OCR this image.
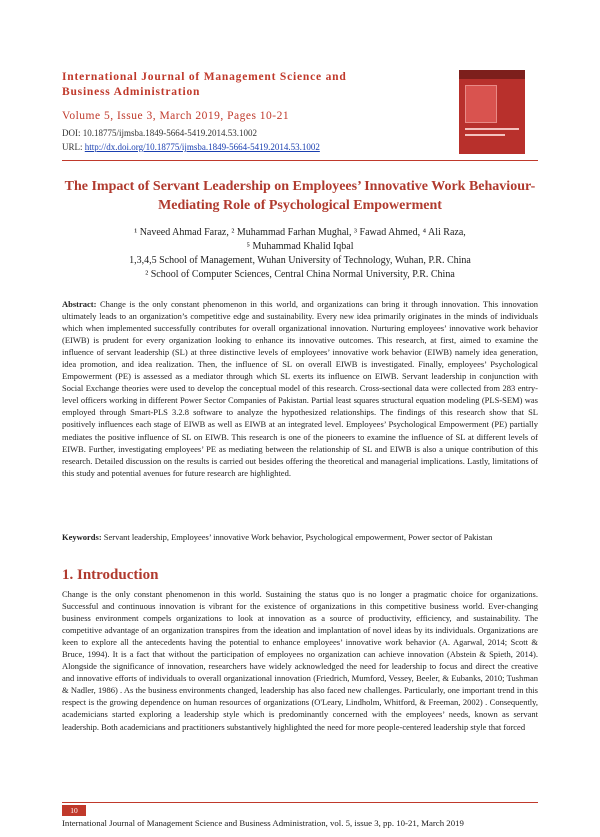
International Journal of Management Science and Business Administration
Volume 5, Issue 3, March 2019, Pages 10-21
DOI: 10.18775/ijmsba.1849-5664-5419.2014.53.1002
URL: http://dx.doi.org/10.18775/ijmsba.1849-5664-5419.2014.53.1002
The Impact of Servant Leadership on Employees’ Innovative Work Behaviour-Mediating Role of Psychological Empowerment
¹ Naveed Ahmad Faraz, ² Muhammad Farhan Mughal, ³ Fawad Ahmed, ⁴ Ali Raza,
⁵ Muhammad Khalid Iqbal
1,3,4,5 School of Management, Wuhan University of Technology, Wuhan, P.R. China
² School of Computer Sciences, Central China Normal University, P.R. China
Abstract: Change is the only constant phenomenon in this world, and organizations can bring it through innovation. This innovation ultimately leads to an organization’s competitive edge and sustainability. Every new idea primarily originates in the minds of individuals which when implemented successfully contributes for overall organizational innovation. Nurturing employees’ innovative work behavior (EIWB) is prudent for every organization looking to enhance its innovative outcomes. This research, at first, aimed to examine the influence of servant leadership (SL) at three distinctive levels of employees’ innovative work behavior (EIWB) namely idea generation, idea promotion, and idea realization. Then, the influence of SL on overall EIWB is investigated. Finally, employees’ Psychological Empowerment (PE) is assessed as a mediator through which SL exerts its influence on EIWB. Servant leadership in conjunction with Social Exchange theories were used to develop the conceptual model of this research. Cross-sectional data were collected from 283 entry-level officers working in different Power Sector Companies of Pakistan. Partial least squares structural equation modeling (PLS-SEM) was employed through Smart-PLS 3.2.8 software to analyze the hypothesized relationships. The findings of this research show that SL positively influences each stage of EIWB as well as EIWB at an integrated level. Employees’ Psychological Empowerment (PE) partially mediates the positive influence of SL on EIWB. This research is one of the pioneers to examine the influence of SL at different levels of EIWB. Further, investigating employees’ PE as mediating between the relationship of SL and EIWB is also a unique contribution of this research. Detailed discussion on the results is carried out besides offering the theoretical and managerial implications. Lastly, limitations of this study and potential avenues for future research are highlighted.
Keywords: Servant leadership, Employees’ innovative Work behavior, Psychological empowerment, Power sector of Pakistan
1. Introduction
Change is the only constant phenomenon in this world. Sustaining the status quo is no longer a pragmatic choice for organizations. Successful and continuous innovation is vibrant for the existence of organizations in this competitive business world. Ever-changing business environment compels organizations to look at innovation as a source of productivity, efficiency, and sustainability. The competitive advantage of an organization transpires from the ideation and implantation of novel ideas by its individuals. Organizations are keen to explore all the antecedents having the potential to enhance employees’ innovative work behavior (A. Agarwal, 2014; Scott & Bruce, 1994). It is a fact that without the participation of employees no organization can achieve innovation (Abstein & Spieth, 2014). Alongside the significance of innovation, researchers have widely acknowledged the need for leadership to focus and direct the creative and innovative efforts of individuals to overall organizational innovation (Friedrich, Mumford, Vessey, Beeler, & Eubanks, 2010; Tushman & Nadler, 1986) . As the business environments changed, leadership has also faced new challenges. Particularly, one important trend in this respect is the growing dependence on human resources of organizations (O'Leary, Lindholm, Whitford, & Freeman, 2002) . Consequently, academicians started exploring a leadership style which is predominantly concerned with the employees’ needs, known as servant leadership. Both academicians and practitioners substantively highlighted the need for more people-centered leadership style that forced
10
International Journal of Management Science and Business Administration, vol. 5, issue 3, pp. 10-21, March 2019
